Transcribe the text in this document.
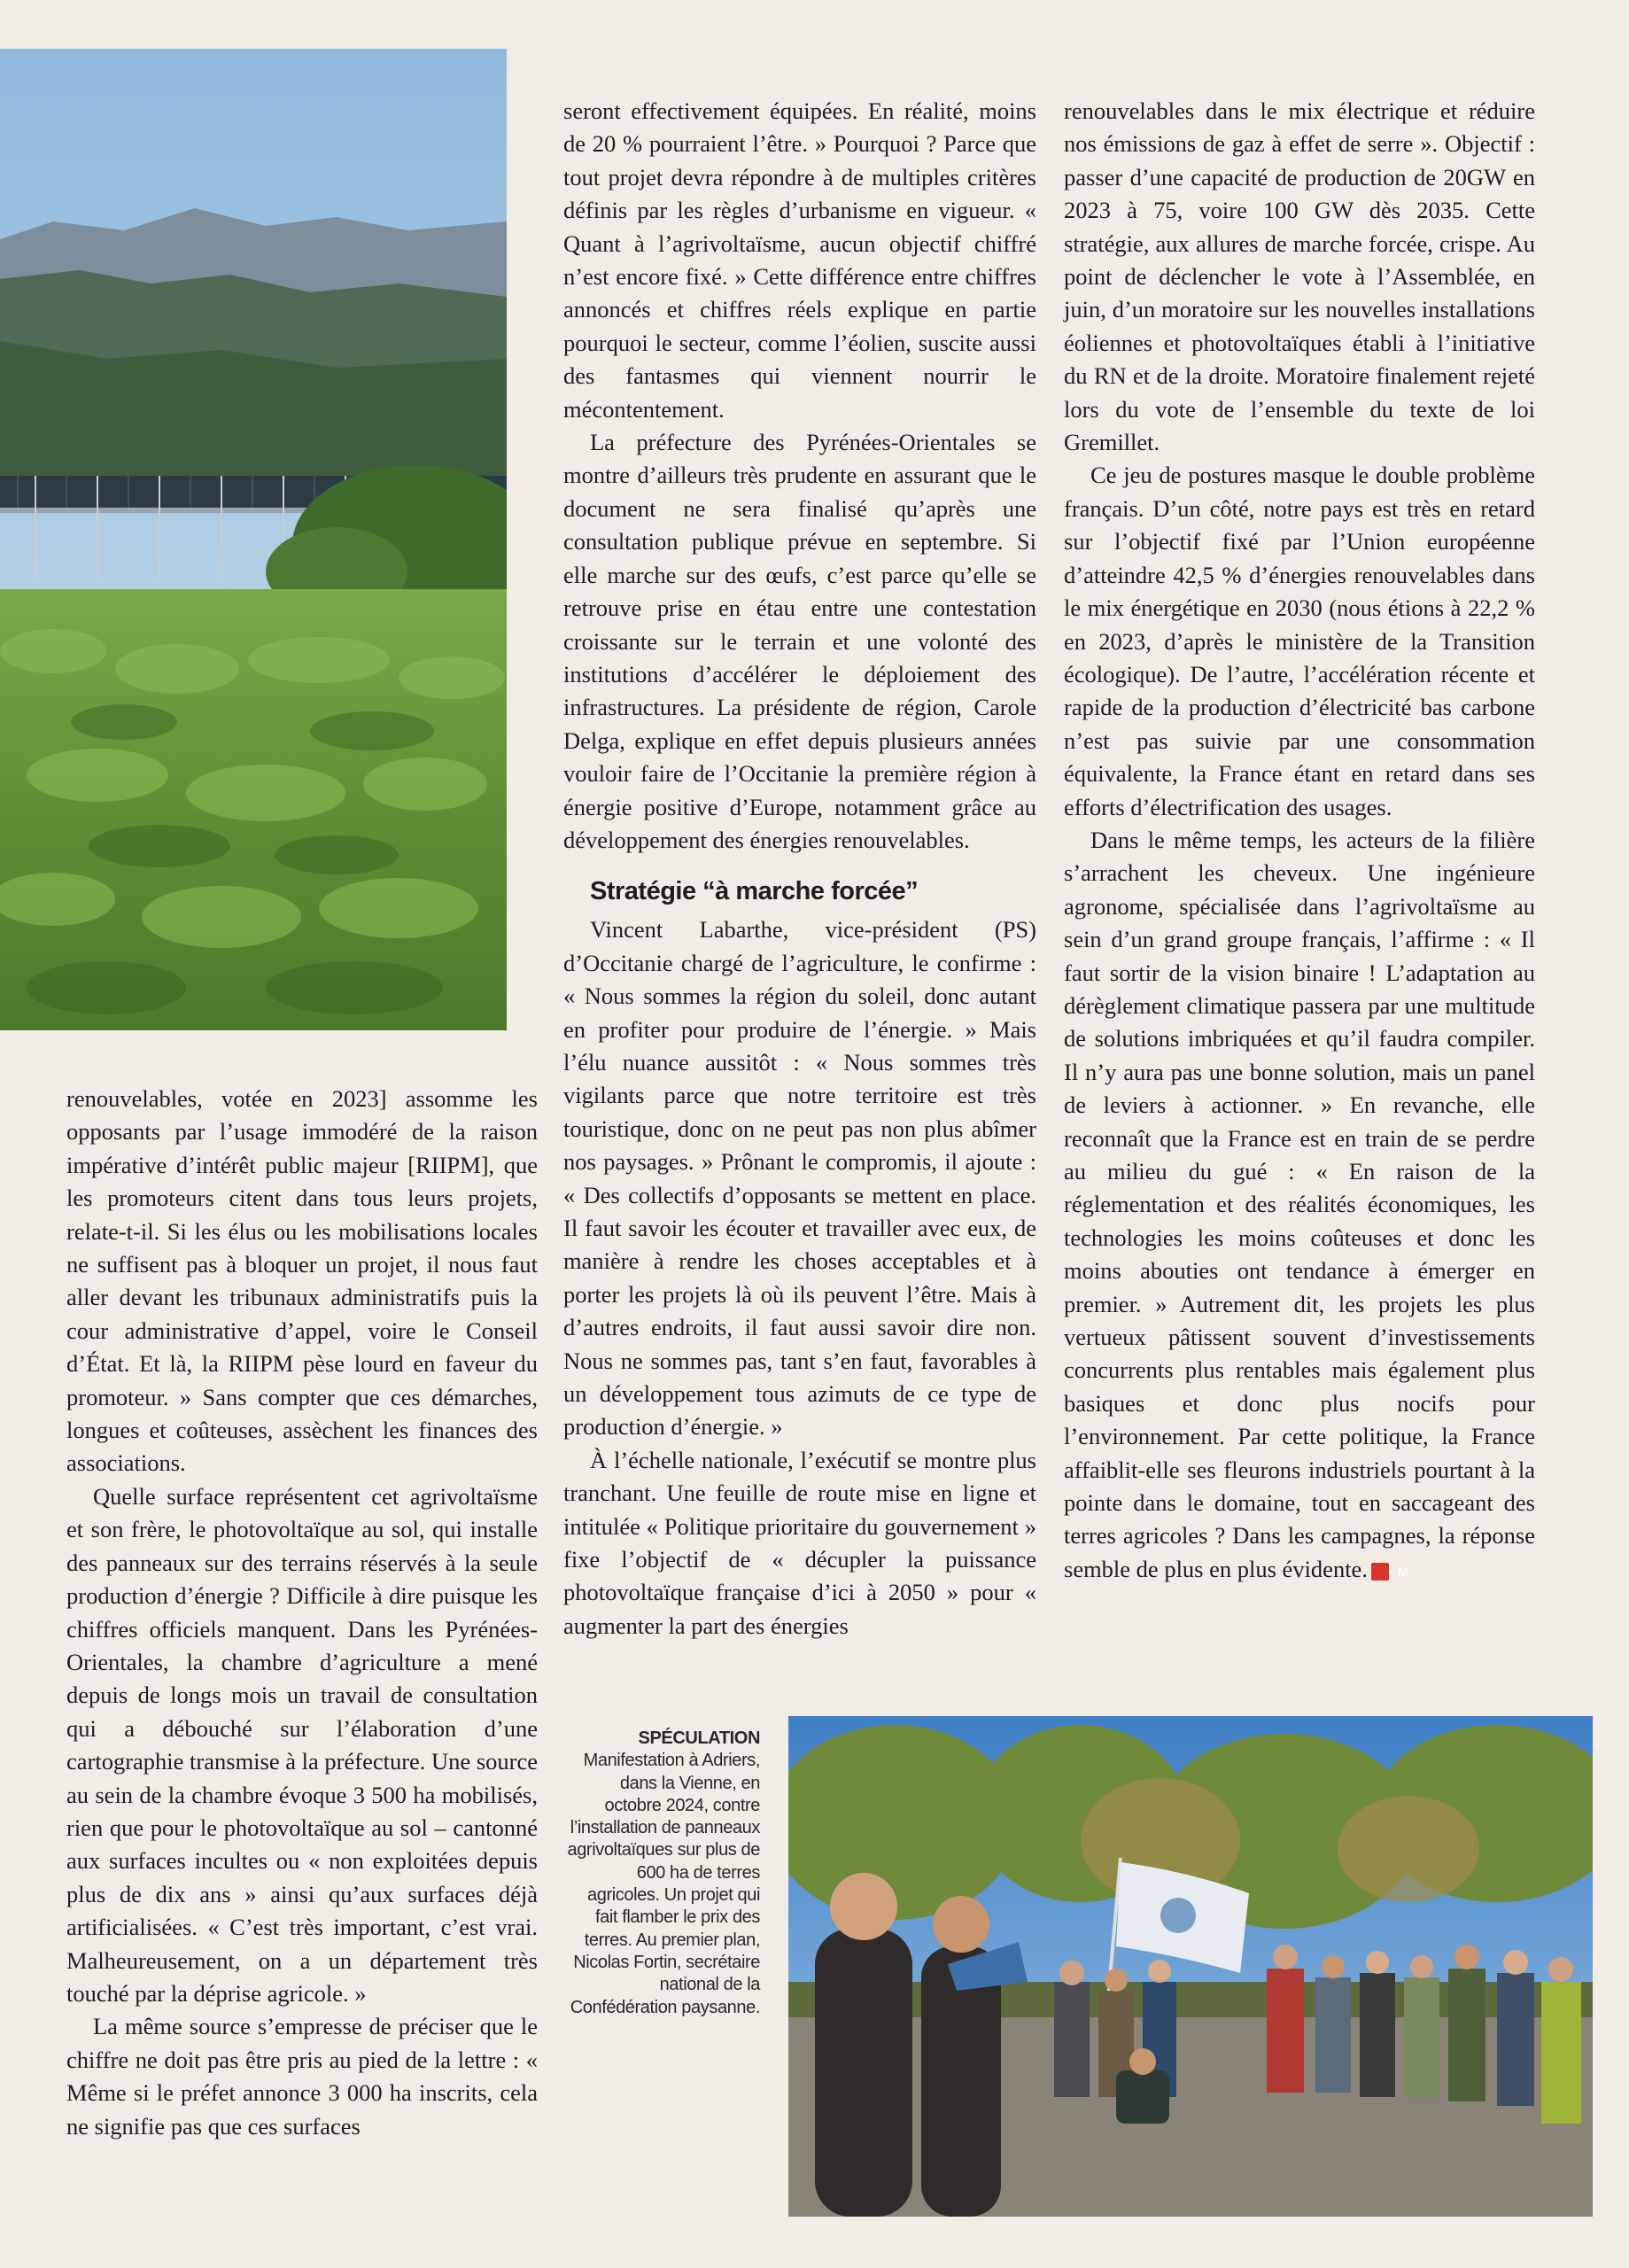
renouvelables, votée en 2023] assomme les opposants par l’usage immodéré de la raison impérative d’intérêt public majeur [RIIPM], que les promoteurs citent dans tous leurs projets, relate-t-il. Si les élus ou les mobilisations locales ne suffisent pas à bloquer un projet, il nous faut aller devant les tribunaux administratifs puis la cour administrative d’appel, voire le Conseil d’État. Et là, la RIIPM pèse lourd en faveur du promoteur. » Sans compter que ces démarches, longues et coûteuses, assèchent les finances des associations.

Quelle surface représentent cet agrivoltaïsme et son frère, le photovoltaïque au sol, qui installe des panneaux sur des terrains réservés à la seule production d’énergie ? Difficile à dire puisque les chiffres officiels manquent. Dans les Pyrénées-Orientales, la chambre d’agriculture a mené depuis de longs mois un travail de consultation qui a débouché sur l’élaboration d’une cartographie transmise à la préfecture. Une source au sein de la chambre évoque 3 500 ha mobilisés, rien que pour le photovoltaïque au sol – cantonné aux surfaces incultes ou « non exploitées depuis plus de dix ans » ainsi qu’aux surfaces déjà artificialisées. « C’est très important, c’est vrai. Malheureusement, on a un département très touché par la déprise agricole. »

La même source s’empresse de préciser que le chiffre ne doit pas être pris au pied de la lettre : « Même si le préfet annonce 3 000 ha inscrits, cela ne signifie pas que ces surfaces

seront effectivement équipées. En réalité, moins de 20 % pourraient l’être. » Pourquoi ? Parce que tout projet devra répondre à de multiples critères définis par les règles d’urbanisme en vigueur. « Quant à l’agrivoltaïsme, aucun objectif chiffré n’est encore fixé. » Cette différence entre chiffres annoncés et chiffres réels explique en partie pourquoi le secteur, comme l’éolien, suscite aussi des fantasmes qui viennent nourrir le mécontentement.

La préfecture des Pyrénées-Orientales se montre d’ailleurs très prudente en assurant que le document ne sera finalisé qu’après une consultation publique prévue en septembre. Si elle marche sur des œufs, c’est parce qu’elle se retrouve prise en étau entre une contestation croissante sur le terrain et une volonté des institutions d’accélérer le déploiement des infrastructures. La présidente de région, Carole Delga, explique en effet depuis plusieurs années vouloir faire de l’Occitanie la première région à énergie positive d’Europe, notamment grâce au développement des énergies renouvelables.

Stratégie “à marche forcée”

Vincent Labarthe, vice-président (PS) d’Occitanie chargé de l’agriculture, le confirme : « Nous sommes la région du soleil, donc autant en profiter pour produire de l’énergie. » Mais l’élu nuance aussitôt : « Nous sommes très vigilants parce que notre territoire est très touristique, donc on ne peut pas non plus abîmer nos paysages. » Prônant le compromis, il ajoute : « Des collectifs d’opposants se mettent en place. Il faut savoir les écouter et travailler avec eux, de manière à rendre les choses acceptables et à porter les projets là où ils peuvent l’être. Mais à d’autres endroits, il faut aussi savoir dire non. Nous ne sommes pas, tant s’en faut, favorables à un développement tous azimuts de ce type de production d’énergie. »

À l’échelle nationale, l’exécutif se montre plus tranchant. Une feuille de route mise en ligne et intitulée « Politique prioritaire du gouvernement » fixe l’objectif de « décupler la puissance photovoltaïque française d’ici à 2050 » pour « augmenter la part des énergies

renouvelables dans le mix électrique et réduire nos émissions de gaz à effet de serre ». Objectif : passer d’une capacité de production de 20GW en 2023 à 75, voire 100 GW dès 2035. Cette stratégie, aux allures de marche forcée, crispe. Au point de déclencher le vote à l’Assemblée, en juin, d’un moratoire sur les nouvelles installations éoliennes et photovoltaïques établi à l’initiative du RN et de la droite. Moratoire finalement rejeté lors du vote de l’ensemble du texte de loi Gremillet.

Ce jeu de postures masque le double problème français. D’un côté, notre pays est très en retard sur l’objectif fixé par l’Union européenne d’atteindre 42,5 % d’énergies renouvelables dans le mix énergétique en 2030 (nous étions à 22,2 % en 2023, d’après le ministère de la Transition écologique). De l’autre, l’accélération récente et rapide de la production d’électricité bas carbone n’est pas suivie par une consommation équivalente, la France étant en retard dans ses efforts d’électrification des usages.

Dans le même temps, les acteurs de la filière s’arrachent les cheveux. Une ingénieure agronome, spécialisée dans l’agrivoltaïsme au sein d’un grand groupe français, l’affirme : « Il faut sortir de la vision binaire ! L’adaptation au dérèglement climatique passera par une multitude de solutions imbriquées et qu’il faudra compiler. Il n’y aura pas une bonne solution, mais un panel de leviers à actionner. » En revanche, elle reconnaît que la France est en train de se perdre au milieu du gué : « En raison de la réglementation et des réalités économiques, les technologies les moins coûteuses et donc les moins abouties ont tendance à émerger en premier. » Autrement dit, les projets les plus vertueux pâtissent souvent d’investissements concurrents plus rentables mais également plus basiques et donc plus nocifs pour l’environnement. Par cette politique, la France affaiblit-elle ses fleurons industriels pourtant à la pointe dans le domaine, tout en saccageant des terres agricoles ? Dans les campagnes, la réponse semble de plus en plus évidente. M

SPÉCULATION
Manifestation à Adriers, dans la Vienne, en octobre 2024, contre l’installation de panneaux agrivoltaïques sur plus de 600 ha de terres agricoles. Un projet qui fait flamber le prix des terres. Au premier plan, Nicolas Fortin, secrétaire national de la Confédération paysanne.
